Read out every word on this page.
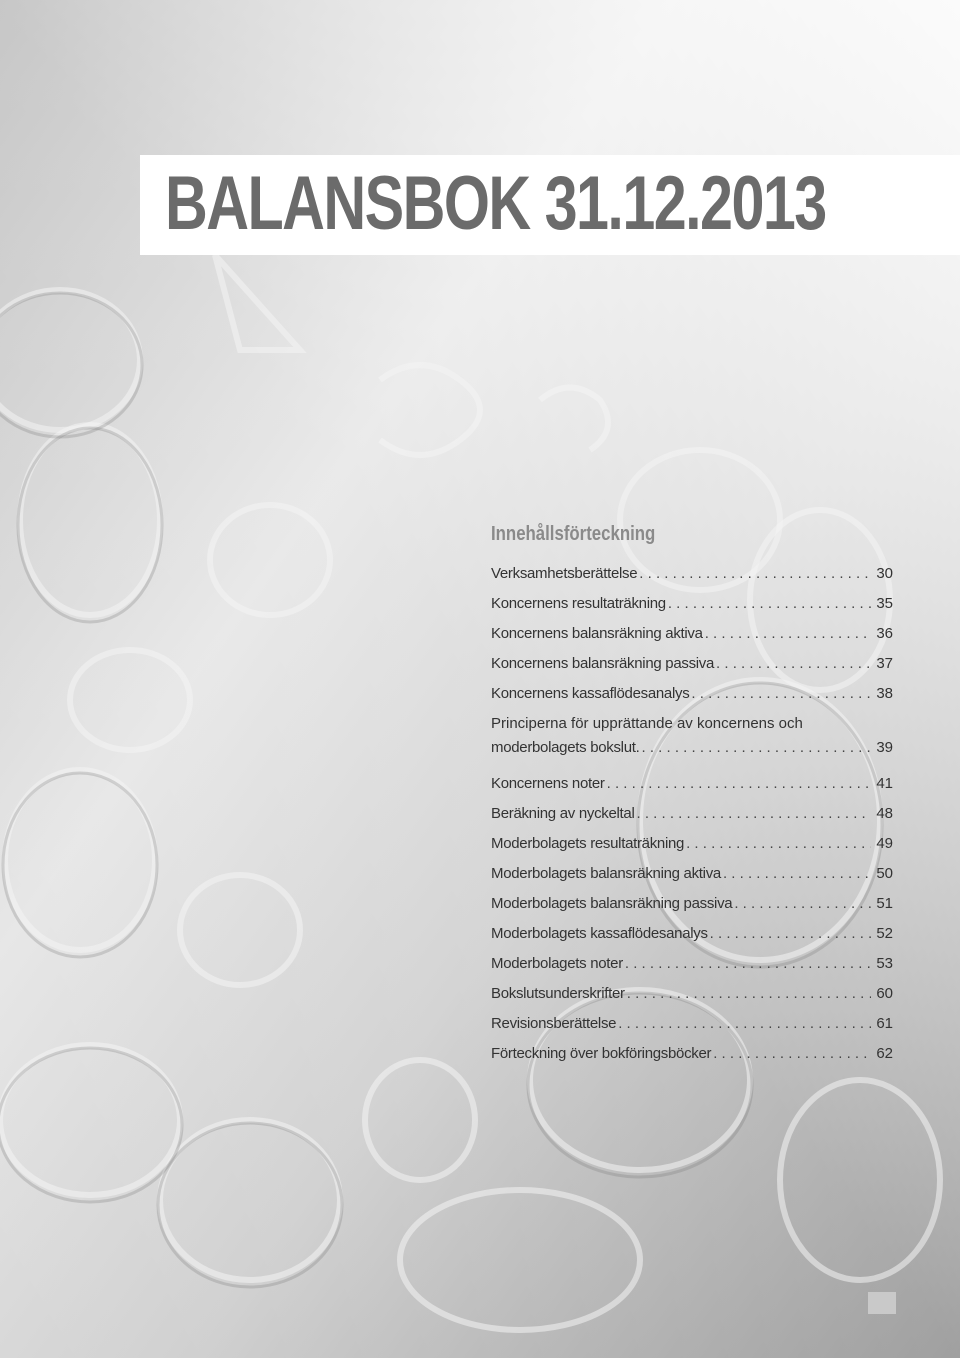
BALANSBOK 31.12.2013
Innehållsförteckning
Verksamhetsberättelse . . .	30
Koncernens resultaträkning . . .	35
Koncernens balansräkning aktiva . . .	36
Koncernens balansräkning passiva . . .	37
Koncernens kassaflödesanalys . . .	38
Principerna för upprättande av koncernens och
moderbolagets bokslut. . . .	39
Koncernens noter . . .	41
Beräkning av nyckeltal . . .	48
Moderbolagets resultaträkning . . .	49
Moderbolagets balansräkning aktiva . . .	50
Moderbolagets balansräkning passiva . . .	51
Moderbolagets kassaflödesanalys . . .	52
Moderbolagets noter . . .	53
Bokslutsunderskrifter . . .	60
Revisionsberättelse . . .	61
Förteckning över bokföringsböcker . . .	62
